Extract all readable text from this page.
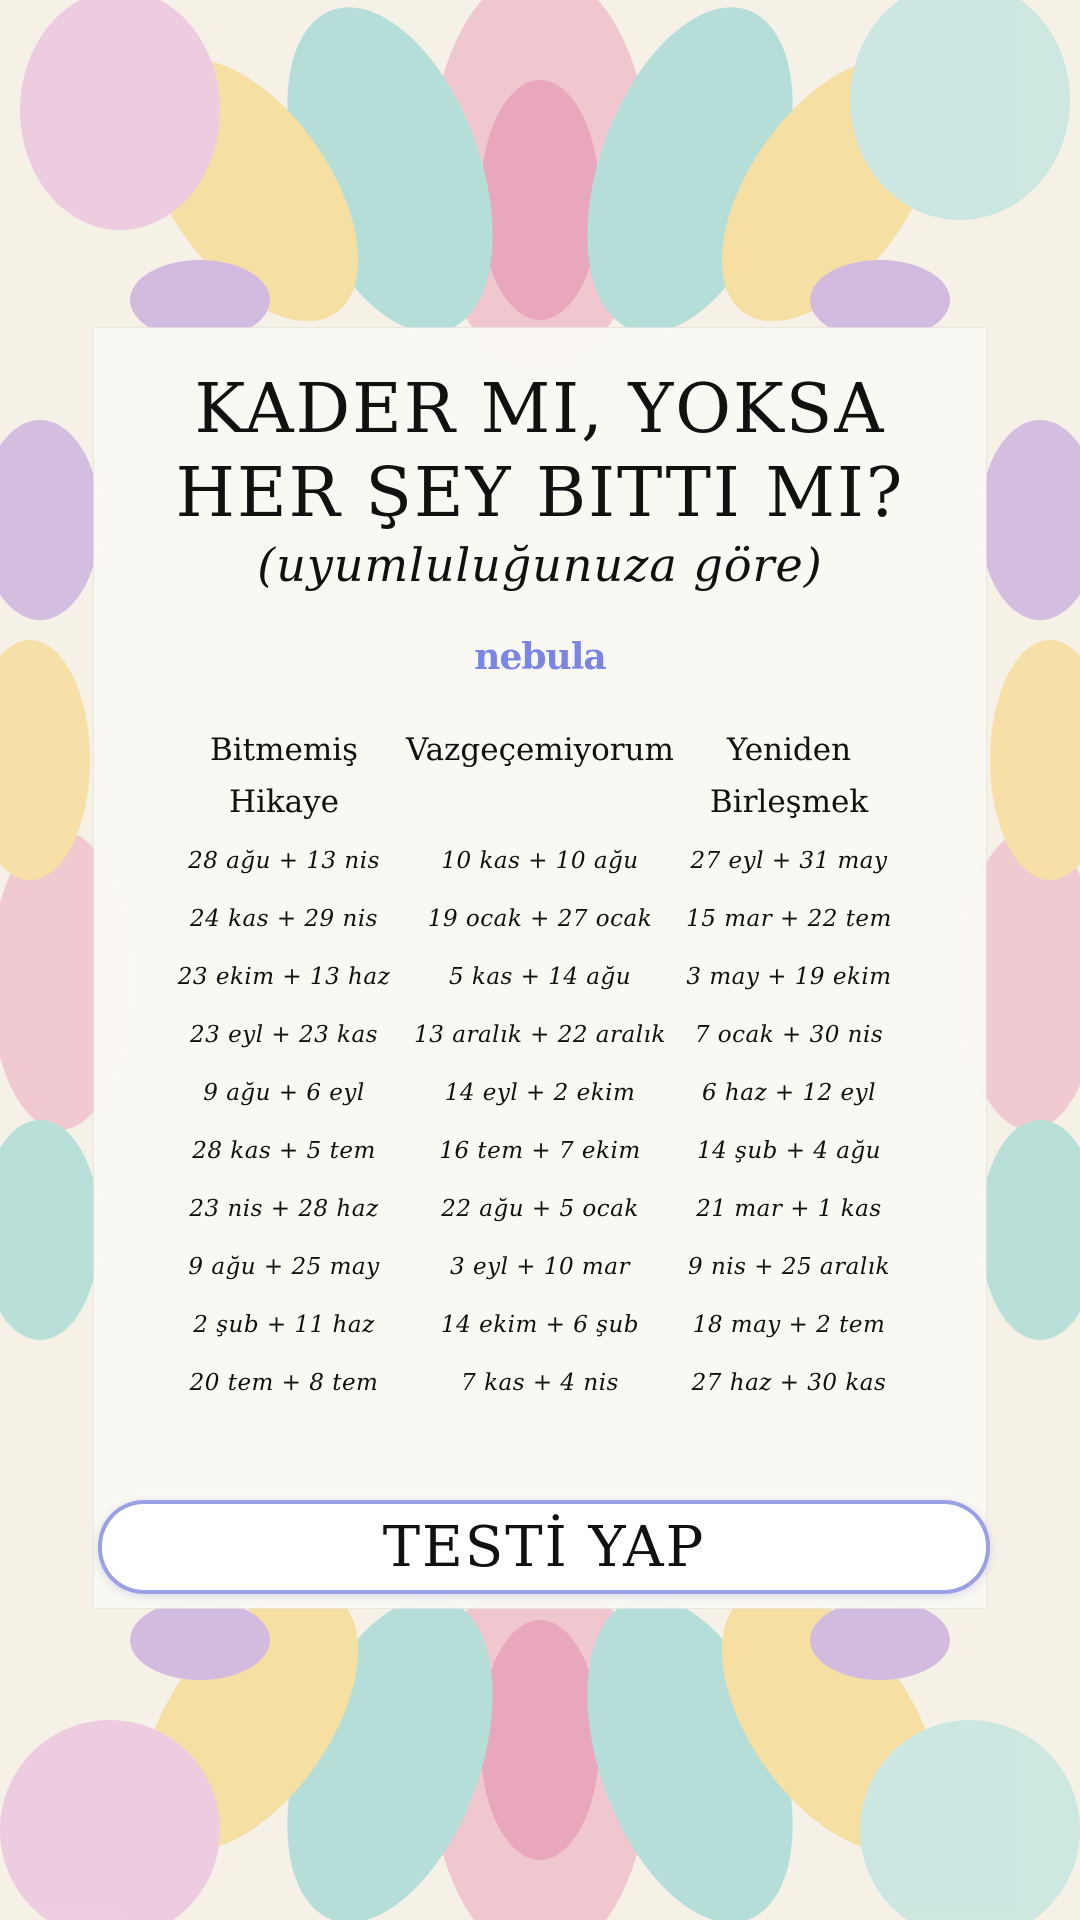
KADER MI, YOKSA
HER ŞEY BITTI MI?
(uyumluluğunuza göre)
nebula
Bitmemiş
Hikaye
28 ağu + 13 nis
24 kas + 29 nis
23 ekim + 13 haz
23 eyl + 23 kas
9 ağu + 6 eyl
28 kas + 5 tem
23 nis + 28 haz
9 ağu + 25 may
2 şub + 11 haz
20 tem + 8 tem
Vazgeçemiyorum
10 kas + 10 ağu
19 ocak + 27 ocak
5 kas + 14 ağu
13 aralık + 22 aralık
14 eyl + 2 ekim
16 tem + 7 ekim
22 ağu + 5 ocak
3 eyl + 10 mar
14 ekim + 6 şub
7 kas + 4 nis
Yeniden
Birleşmek
27 eyl + 31 may
15 mar + 22 tem
3 may + 19 ekim
7 ocak + 30 nis
6 haz + 12 eyl
14 şub + 4 ağu
21 mar + 1 kas
9 nis + 25 aralık
18 may + 2 tem
27 haz + 30 kas
TESTİ YAP
